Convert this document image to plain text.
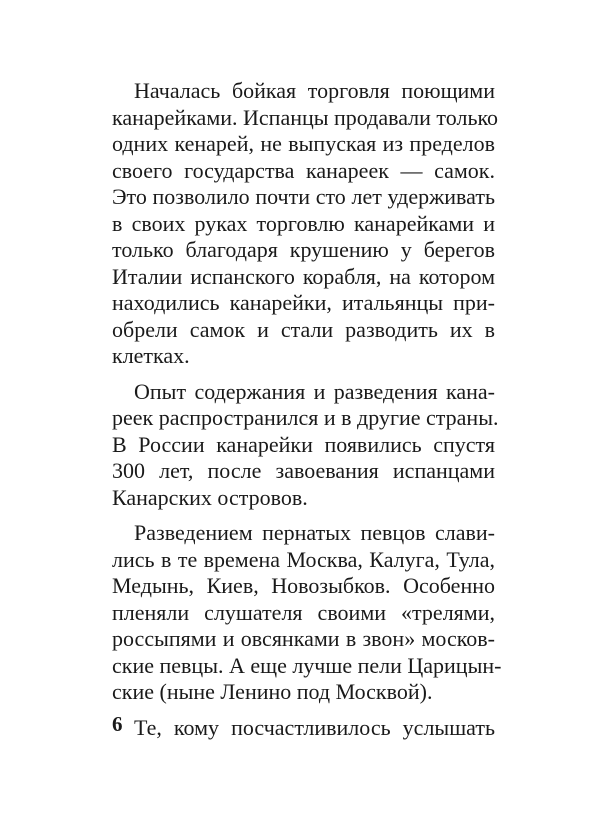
Началась бойкая торговля поющими
канарейками. Испанцы продавали только
одних кенарей, не выпуская из пределов
своего государства канареек — самок.
Это позволило почти сто лет удерживать
в своих руках торговлю канарейками и
только благодаря крушению у берегов
Италии испанского корабля, на котором
находились канарейки, итальянцы при-
обрели самок и стали разводить их в
клетках.
Опыт содержания и разведения кана-
реек распространился и в другие страны.
В России канарейки появились спустя
300 лет, после завоевания испанцами
Канарских островов.
Разведением пернатых певцов слави-
лись в те времена Москва, Калуга, Тула,
Медынь, Киев, Новозыбков. Особенно
пленяли слушателя своими «трелями,
россыпями и овсянками в звон» москов-
ские певцы. А еще лучше пели Царицын-
ские (ныне Ленино под Москвой).
Те, кому посчастливилось услышать
6
